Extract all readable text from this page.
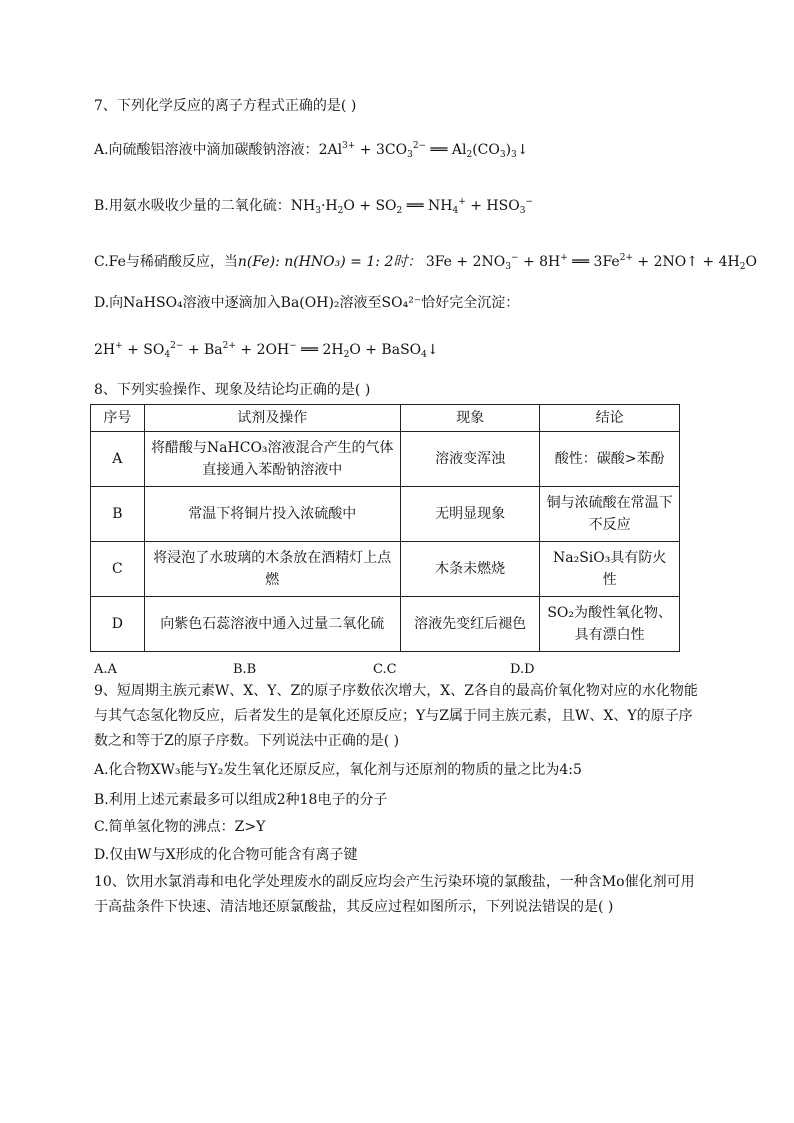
7、下列化学反应的离子方程式正确的是( )
A.向硫酸铝溶液中滴加碳酸钠溶液：$2Al^{3+} + 3CO_3^{2-}$ ══ $Al_2(CO_3)_3↓$
B.用氨水吸收少量的二氧化硫：$NH_3\cdot H_2O + SO_2$ ══ $NH_4^+ + HSO_3^-$
C.Fe与稀硝酸反应，当n(Fe): n(HNO₃) = 1: 2时： $3Fe + 2NO_3^- + 8H^+$ ══ $3Fe^{2+}$ + 2NO↑ + $4H_2O$
D.向NaHSO₄溶液中逐滴加入Ba(OH)₂溶液至SO₄²⁻恰好完全沉淀：
$2H^+ + SO_4^{2-} + Ba^{2+} + 2OH^-$ ══ $2H_2O$ + BaSO$_4$↓
8、下列实验操作、现象及结论均正确的是( )
序号	试剂及操作	现象	结论
A	将醋酸与NaHCO₃溶液混合产生的气体直接通入苯酚钠溶液中	溶液变浑浊	酸性：碳酸>苯酚
B	常温下将铜片投入浓硫酸中	无明显现象	铜与浓硫酸在常温下不反应
C	将浸泡了水玻璃的木条放在酒精灯上点燃	木条未燃烧	Na₂SiO₃具有防火性
D	向紫色石蕊溶液中通入过量二氧化硫	溶液先变红后褪色	SO₂为酸性氧化物、具有漂白性
A.A	B.B	C.C	D.D
9、短周期主族元素W、X、Y、Z的原子序数依次增大，X、Z各自的最高价氧化物对应的水化物能与其气态氢化物反应，后者发生的是氧化还原反应；Y与Z属于同主族元素，且W、X、Y的原子序数之和等于Z的原子序数。下列说法中正确的是( )
A.化合物XW₃能与Y₂发生氧化还原反应，氧化剂与还原剂的物质的量之比为4:5
B.利用上述元素最多可以组成2种18电子的分子
C.简单氢化物的沸点：Z>Y
D.仅由W与X形成的化合物可能含有离子键
10、饮用水氯消毒和电化学处理废水的副反应均会产生污染环境的氯酸盐，一种含Mo催化剂可用于高盐条件下快速、清洁地还原氯酸盐，其反应过程如图所示，下列说法错误的是( )
